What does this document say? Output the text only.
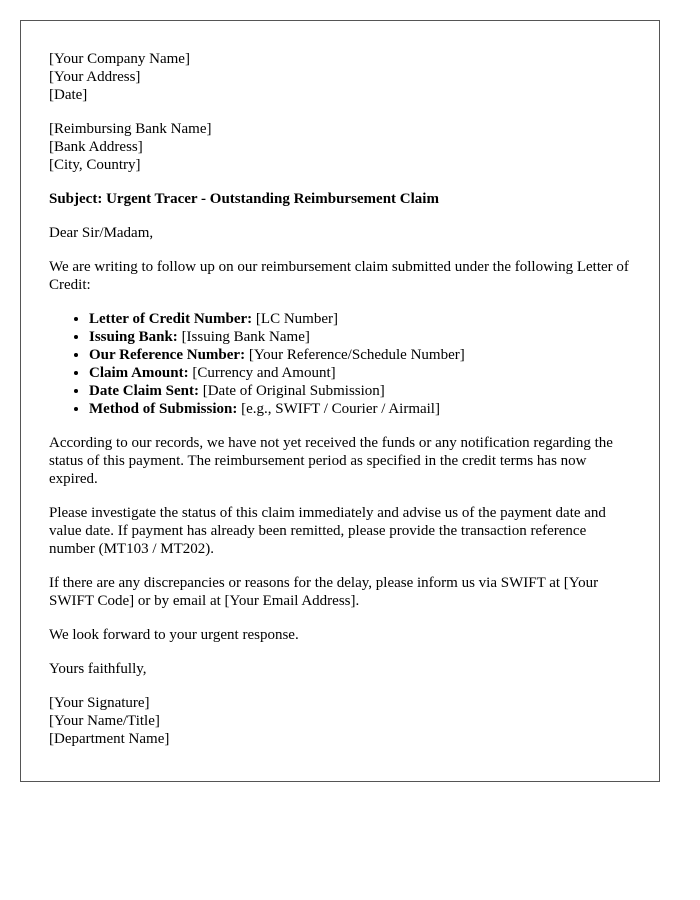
[Your Company Name]
[Your Address]
[Date]
[Reimbursing Bank Name]
[Bank Address]
[City, Country]

Subject: Urgent Tracer - Outstanding Reimbursement Claim

Dear Sir/Madam,

We are writing to follow up on our reimbursement claim submitted under the following Letter of Credit:

• Letter of Credit Number: [LC Number]
• Issuing Bank: [Issuing Bank Name]
• Our Reference Number: [Your Reference/Schedule Number]
• Claim Amount: [Currency and Amount]
• Date Claim Sent: [Date of Original Submission]
• Method of Submission: [e.g., SWIFT / Courier / Airmail]

According to our records, we have not yet received the funds or any notification regarding the status of this payment. The reimbursement period as specified in the credit terms has now expired.

Please investigate the status of this claim immediately and advise us of the payment date and value date. If payment has already been remitted, please provide the transaction reference number (MT103 / MT202).

If there are any discrepancies or reasons for the delay, please inform us via SWIFT at [Your SWIFT Code] or by email at [Your Email Address].

We look forward to your urgent response.

Yours faithfully,

[Your Signature]
[Your Name/Title]
[Department Name]
